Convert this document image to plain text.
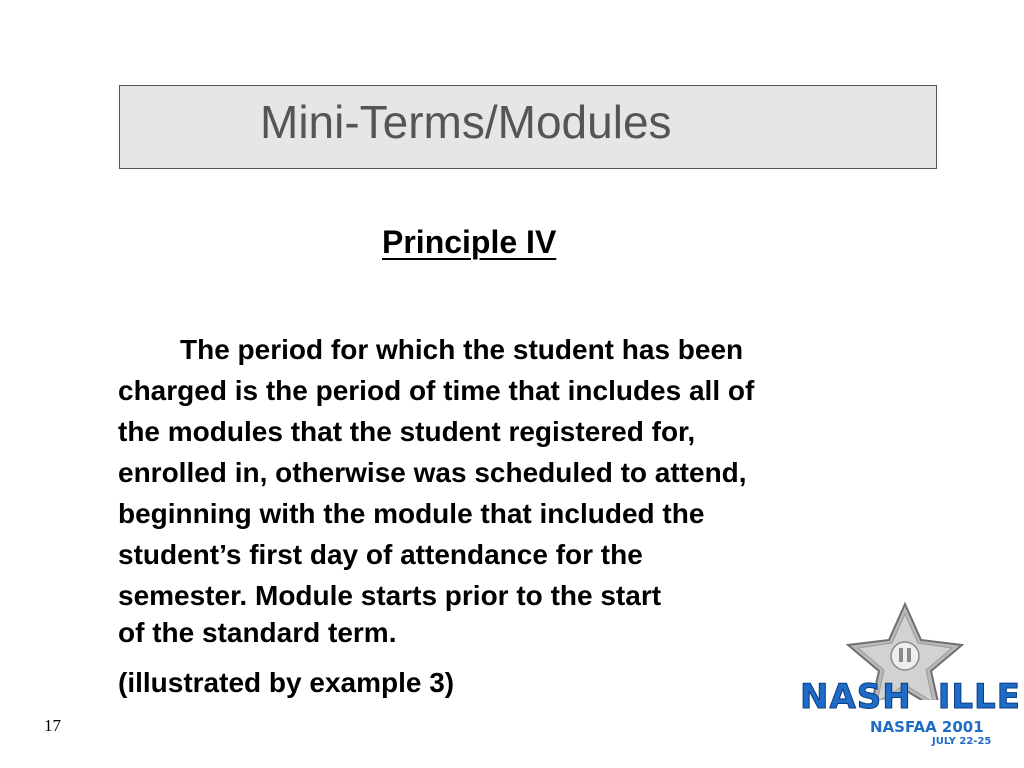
Mini-Terms/Modules
Principle IV
The period for which the student has been
charged is the period of time that includes all of
the modules that the student registered for,
enrolled in, otherwise was scheduled to attend,
beginning with the module that included the
student’s first day of attendance for the
semester. Module starts prior to the start
of the standard term.
(illustrated by example 3)
17
NASH ILLE
NASFAA 2001
JULY 22-25
